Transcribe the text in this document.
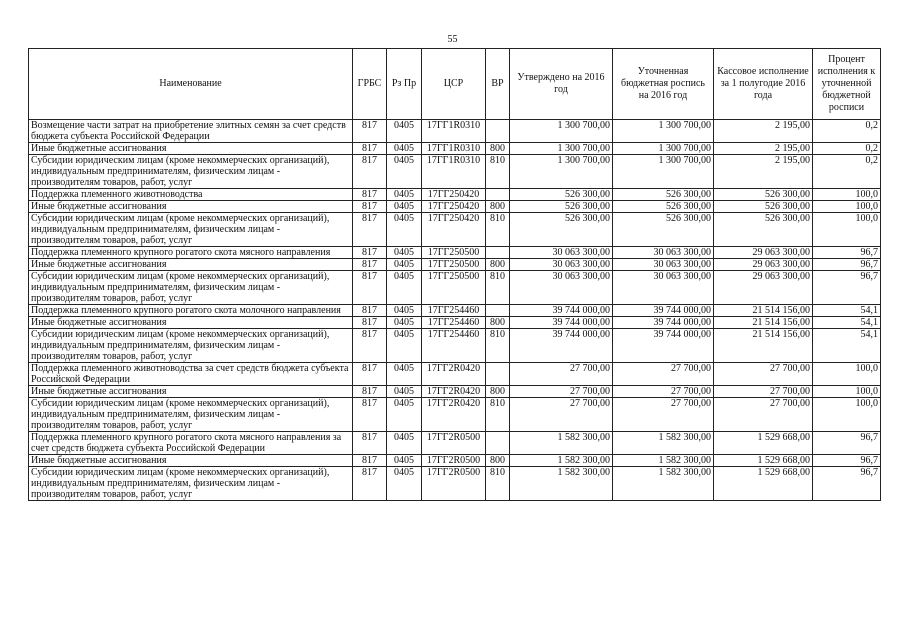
55
Наименование	ГРБС	Рз Пр	ЦСР	ВР	Утверждено на 2016 год	Уточненная бюджетная роспись на 2016 год	Кассовое исполнение за 1 полугодие 2016 года	Процент исполнения к уточненной бюджетной росписи
Возмещение части затрат на приобретение элитных семян за счет средств бюджета субъекта Российской Федерации	817	0405	17ГГ1R0310		1 300 700,00	1 300 700,00	2 195,00	0,2
Иные бюджетные ассигнования	817	0405	17ГГ1R0310	800	1 300 700,00	1 300 700,00	2 195,00	0,2
Субсидии юридическим лицам (кроме некоммерческих организаций), индивидуальным предпринимателям, физическим лицам - производителям товаров, работ, услуг	817	0405	17ГГ1R0310	810	1 300 700,00	1 300 700,00	2 195,00	0,2
Поддержка племенного животноводства	817	0405	17ГГ250420		526 300,00	526 300,00	526 300,00	100,0
Иные бюджетные ассигнования	817	0405	17ГГ250420	800	526 300,00	526 300,00	526 300,00	100,0
Субсидии юридическим лицам (кроме некоммерческих организаций), индивидуальным предпринимателям, физическим лицам - производителям товаров, работ, услуг	817	0405	17ГГ250420	810	526 300,00	526 300,00	526 300,00	100,0
Поддержка племенного крупного рогатого скота мясного направления	817	0405	17ГГ250500		30 063 300,00	30 063 300,00	29 063 300,00	96,7
Иные бюджетные ассигнования	817	0405	17ГГ250500	800	30 063 300,00	30 063 300,00	29 063 300,00	96,7
Субсидии юридическим лицам (кроме некоммерческих организаций), индивидуальным предпринимателям, физическим лицам - производителям товаров, работ, услуг	817	0405	17ГГ250500	810	30 063 300,00	30 063 300,00	29 063 300,00	96,7
Поддержка племенного крупного рогатого скота молочного направления	817	0405	17ГГ254460		39 744 000,00	39 744 000,00	21 514 156,00	54,1
Иные бюджетные ассигнования	817	0405	17ГГ254460	800	39 744 000,00	39 744 000,00	21 514 156,00	54,1
Субсидии юридическим лицам (кроме некоммерческих организаций), индивидуальным предпринимателям, физическим лицам - производителям товаров, работ, услуг	817	0405	17ГГ254460	810	39 744 000,00	39 744 000,00	21 514 156,00	54,1
Поддержка племенного животноводства за счет средств бюджета субъекта Российской Федерации	817	0405	17ГГ2R0420		27 700,00	27 700,00	27 700,00	100,0
Иные бюджетные ассигнования	817	0405	17ГГ2R0420	800	27 700,00	27 700,00	27 700,00	100,0
Субсидии юридическим лицам (кроме некоммерческих организаций), индивидуальным предпринимателям, физическим лицам - производителям товаров, работ, услуг	817	0405	17ГГ2R0420	810	27 700,00	27 700,00	27 700,00	100,0
Поддержка племенного крупного рогатого скота мясного направления за счет средств бюджета субъекта Российской Федерации	817	0405	17ГГ2R0500		1 582 300,00	1 582 300,00	1 529 668,00	96,7
Иные бюджетные ассигнования	817	0405	17ГГ2R0500	800	1 582 300,00	1 582 300,00	1 529 668,00	96,7
Субсидии юридическим лицам (кроме некоммерческих организаций), индивидуальным предпринимателям, физическим лицам - производителям товаров, работ, услуг	817	0405	17ГГ2R0500	810	1 582 300,00	1 582 300,00	1 529 668,00	96,7
